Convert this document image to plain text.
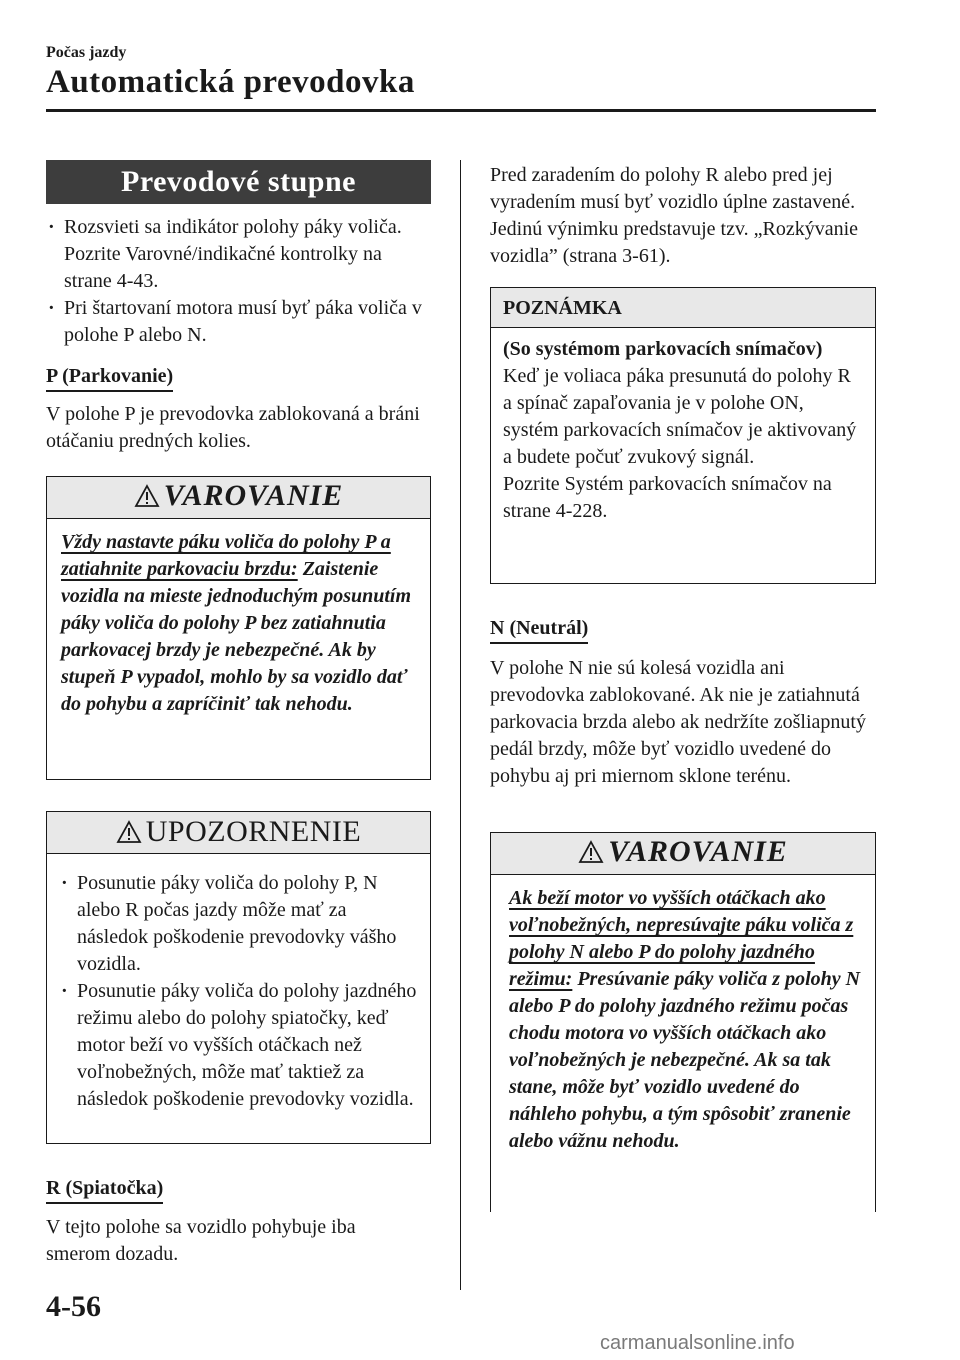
Počas jazdy
Automatická prevodovka
Prevodové stupne
· Rozsvieti sa indikátor polohy páky voliča. Pozrite Varovné/indikačné kontrolky na strane 4-43.
· Pri štartovaní motora musí byť páka voliča v polohe P alebo N.
P (Parkovanie)
V polohe P je prevodovka zablokovaná a bráni otáčaniu predných kolies.
VAROVANIE
Vždy nastavte páku voliča do polohy P a zatiahnite parkovaciu brzdu: Zaistenie vozidla na mieste jednoduchým posunutím páky voliča do polohy P bez zatiahnutia parkovacej brzdy je nebezpečné. Ak by stupeň P vypadol, mohlo by sa vozidlo dať do pohybu a zapríčiniť tak nehodu.
UPOZORNENIE
· Posunutie páky voliča do polohy P, N alebo R počas jazdy môže mať za následok poškodenie prevodovky vášho vozidla.
· Posunutie páky voliča do polohy jazdného režimu alebo do polohy spiatočky, keď motor beží vo vyšších otáčkach než voľnobežných, môže mať taktiež za následok poškodenie prevodovky vozidla.
R (Spiatočka)
V tejto polohe sa vozidlo pohybuje iba smerom dozadu.
Pred zaradením do polohy R alebo pred jej vyradením musí byť vozidlo úplne zastavené. Jedinú výnimku predstavuje tzv. „Rozkývanie vozidla” (strana 3-61).
POZNÁMKA
(So systémom parkovacích snímačov)
Keď je voliaca páka presunutá do polohy R a spínač zapaľovania je v polohe ON, systém parkovacích snímačov je aktivovaný a budete počuť zvukový signál.
Pozrite Systém parkovacích snímačov na strane 4-228.
N (Neutrál)
V polohe N nie sú kolesá vozidla ani prevodovka zablokované. Ak nie je zatiahnutá parkovacia brzda alebo ak nedržíte zošliapnutý pedál brzdy, môže byť vozidlo uvedené do pohybu aj pri miernom sklone terénu.
VAROVANIE
Ak beží motor vo vyšších otáčkach ako voľnobežných, nepresúvajte páku voliča z polohy N alebo P do polohy jazdného režimu: Presúvanie páky voliča z polohy N alebo P do polohy jazdného režimu počas chodu motora vo vyšších otáčkach ako voľnobežných je nebezpečné. Ak sa tak stane, môže byť vozidlo uvedené do náhleho pohybu, a tým spôsobiť zranenie alebo vážnu nehodu.
4-56
carmanualsonline.info
